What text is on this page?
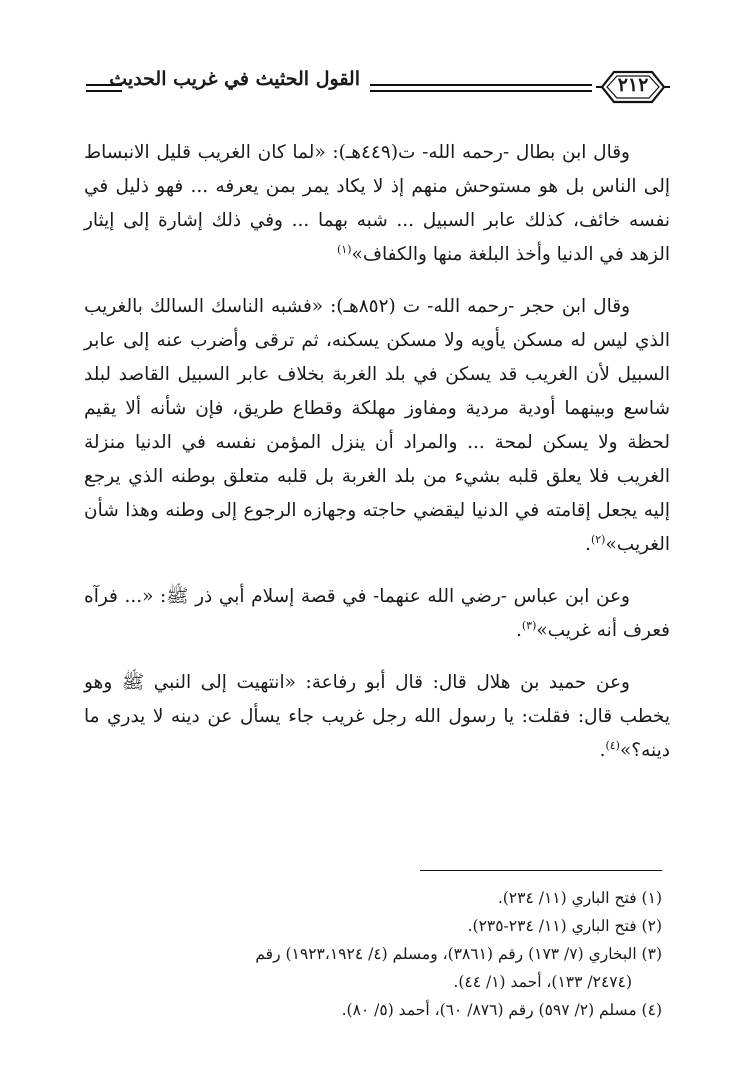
القول الحثيث في غريب الحديث	٢١٢

وقال ابن بطال -رحمه الله- ت(٤٤٩هـ): «لما كان الغريب قليل الانبساط إلى الناس بل هو مستوحش منهم إذ لا يكاد يمر بمن يعرفه ... فهو ذليل في نفسه خائف، كذلك عابر السبيل ... شبه بهما ... وفي ذلك إشارة إلى إيثار الزهد في الدنيا وأخذ البلغة منها والكفاف»$^{(١)}$

وقال ابن حجر -رحمه الله- ت (٨٥٢هـ): «فشبه الناسك السالك بالغريب الذي ليس له مسكن يأويه ولا مسكن يسكنه، ثم ترقى وأضرب عنه إلى عابر السبيل لأن الغريب قد يسكن في بلد الغربة بخلاف عابر السبيل القاصد لبلد شاسع وبينهما أودية مردية ومفاوز مهلكة وقطاع طريق، فإن شأنه ألا يقيم لحظة ولا يسكن لمحة ... والمراد أن ينزل المؤمن نفسه في الدنيا منزلة الغريب فلا يعلق قلبه بشيء من بلد الغربة بل قلبه متعلق بوطنه الذي يرجع إليه يجعل إقامته في الدنيا ليقضي حاجته وجهازه الرجوع إلى وطنه وهذا شأن الغريب»$^{(٢)}$.

وعن ابن عباس -رضي الله عنهما- في قصة إسلام أبي ذر ﷺ: «... فرآه فعرف أنه غريب»$^{(٣)}$.

وعن حميد بن هلال قال: قال أبو رفاعة: «انتهيت إلى النبي ﷺ وهو يخطب قال: فقلت: يا رسول الله رجل غريب جاء يسأل عن دينه لا يدري ما دينه؟»$^{(٤)}$.

(١) فتح الباري (١١/ ٢٣٤).

(٢) فتح الباري (١١/ ٢٣٤-٢٣٥).

(٣) البخاري (٧/ ١٧٣) رقم (٣٨٦١)، ومسلم (٤/ ١٩٢٣،١٩٢٤) رقم

(٢٤٧٤/ ١٣٣)، أحمد (١/ ٤٤).

(٤) مسلم (٢/ ٥٩٧) رقم (٨٧٦/ ٦٠)، أحمد (٥/ ٨٠).
